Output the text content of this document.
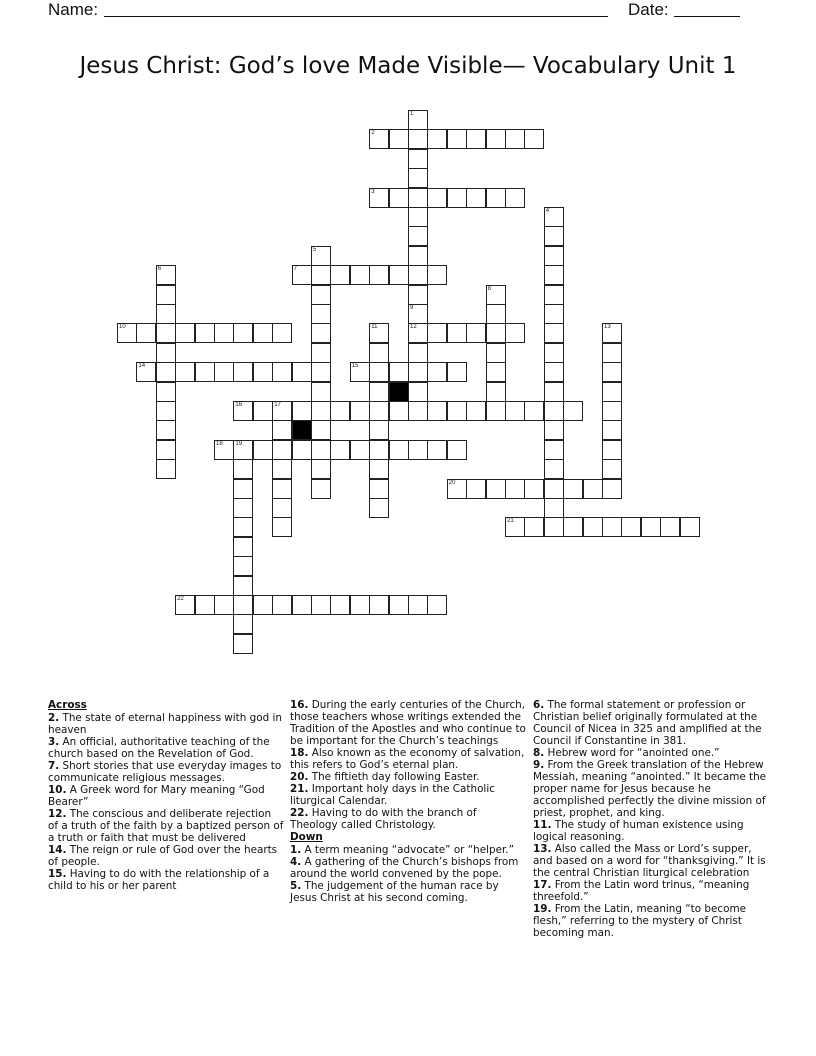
Name:	Date:
Jesus Christ: God’s love Made Visible— Vocabulary Unit 1
1
2
3
4
5
6	7
8
9
12
10	11	13
14	15
16	17
18 19
20
21
22
Across
2. The state of eternal happiness with god in heaven
3. An official, authoritative teaching of the church based on the Revelation of God.
7. Short stories that use everyday images to communicate religious messages.
10. A Greek word for Mary meaning “God Bearer”
12. The conscious and deliberate rejection of a truth of the faith by a baptized person of a truth or faith that must be delivered
14. The reign or rule of God over the hearts of people.
15. Having to do with the relationship of a child to his or her parent
16. During the early centuries of the Church, those teachers whose writings extended the Tradition of the Apostles and who continue to be important for the Church’s teachings
18. Also known as the economy of salvation, this refers to God’s eternal plan.
20. The fiftieth day following Easter.
21. Important holy days in the Catholic liturgical Calendar.
22. Having to do with the branch of Theology called Christology.
Down
1. A term meaning “advocate” or “helper.”
4. A gathering of the Church’s bishops from around the world convened by the pope.
5. The judgement of the human race by Jesus Christ at his second coming.
6. The formal statement or profession or Christian belief originally formulated at the Council of Nicea in 325 and amplified at the Council if Constantine in 381.
8. Hebrew word for “anointed one.”
9. From the Greek translation of the Hebrew Messiah, meaning “anointed.” It became the proper name for Jesus because he accomplished perfectly the divine mission of priest, prophet, and king.
11. The study of human existence using logical reasoning.
13. Also called the Mass or Lord’s supper, and based on a word for “thanksgiving.” It is the central Christian liturgical celebration
17. From the Latin word trinus, “meaning threefold.”
19. From the Latin, meaning “to become flesh,” referring to the mystery of Christ becoming man.
